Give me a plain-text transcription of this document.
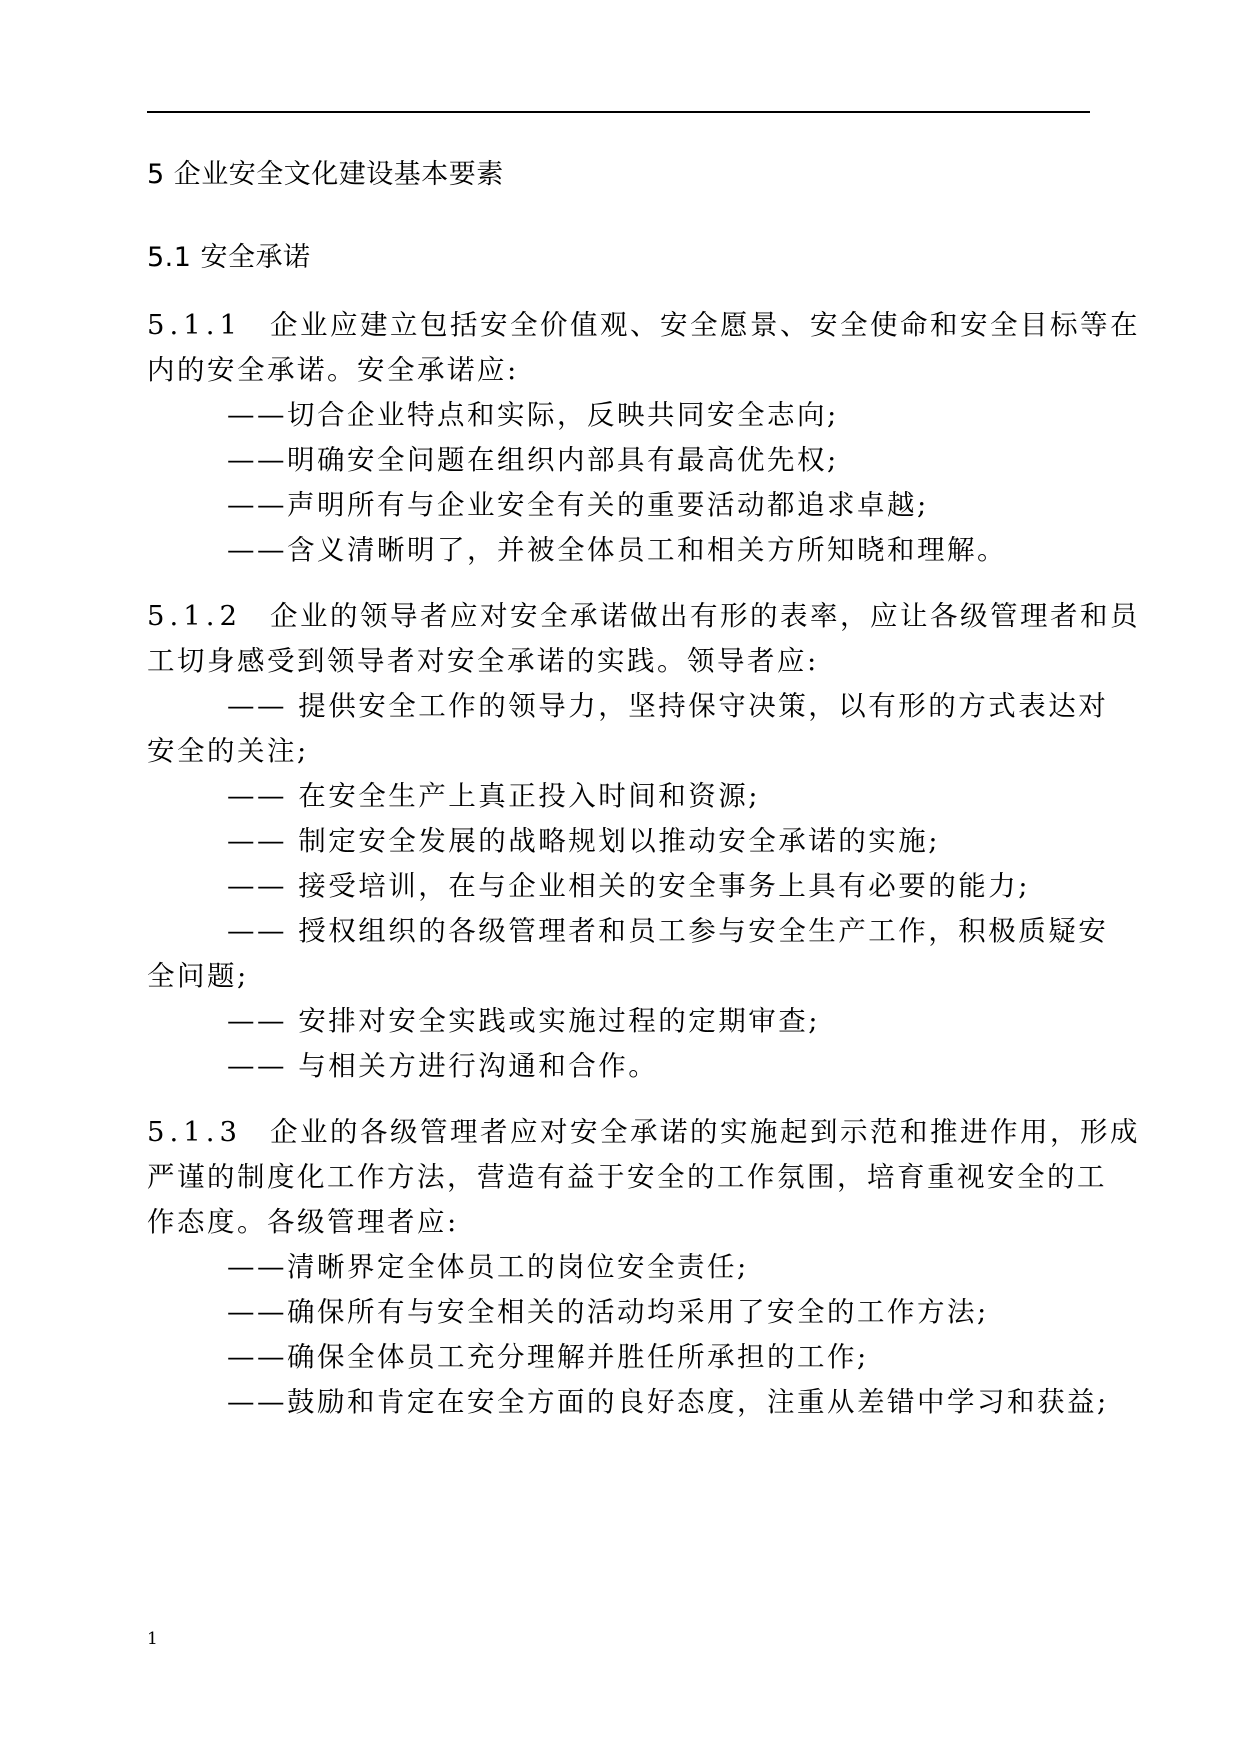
5 企业安全文化建设基本要素
5.1 安全承诺
5.1.1 企业应建立包括安全价值观、安全愿景、安全使命和安全目标等在
内的安全承诺。安全承诺应:
——切合企业特点和实际，反映共同安全志向;
——明确安全问题在组织内部具有最高优先权;
——声明所有与企业安全有关的重要活动都追求卓越;
——含义清晰明了，并被全体员工和相关方所知晓和理解。
5.1.2 企业的领导者应对安全承诺做出有形的表率，应让各级管理者和员
工切身感受到领导者对安全承诺的实践。领导者应:
—— 提供安全工作的领导力，坚持保守决策，以有形的方式表达对
安全的关注;
—— 在安全生产上真正投入时间和资源;
—— 制定安全发展的战略规划以推动安全承诺的实施;
—— 接受培训，在与企业相关的安全事务上具有必要的能力;
—— 授权组织的各级管理者和员工参与安全生产工作，积极质疑安
全问题;
—— 安排对安全实践或实施过程的定期审查;
—— 与相关方进行沟通和合作。
5.1.3 企业的各级管理者应对安全承诺的实施起到示范和推进作用，形成
严谨的制度化工作方法，营造有益于安全的工作氛围，培育重视安全的工
作态度。各级管理者应:
——清晰界定全体员工的岗位安全责任;
——确保所有与安全相关的活动均采用了安全的工作方法;
——确保全体员工充分理解并胜任所承担的工作;
——鼓励和肯定在安全方面的良好态度，注重从差错中学习和获益;
1
